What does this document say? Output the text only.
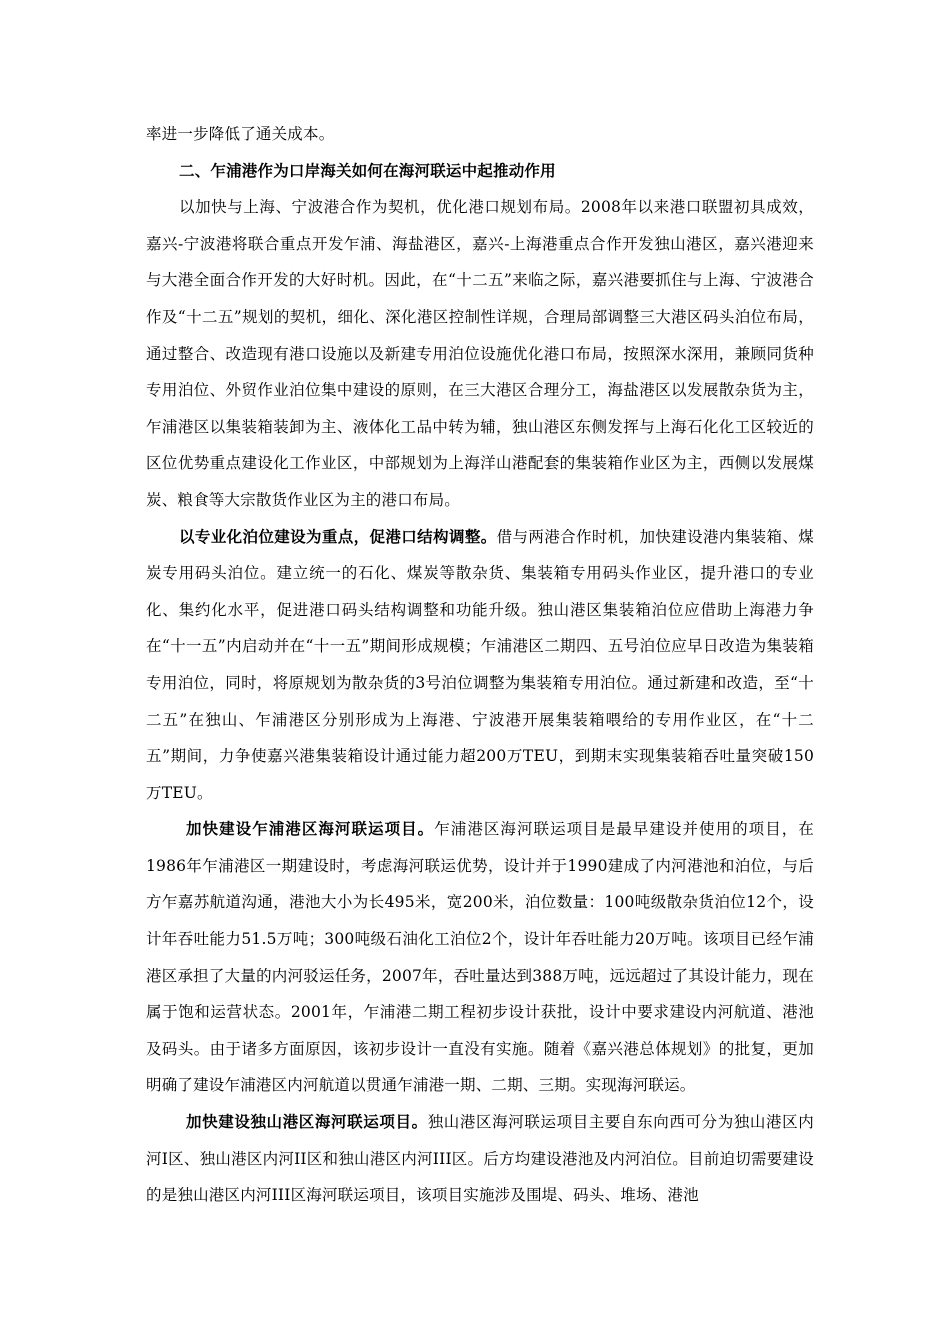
率进一步降低了通关成本。

二、乍浦港作为口岸海关如何在海河联运中起推动作用

以加快与上海、宁波港合作为契机，优化港口规划布局。2008年以来港口联盟初具成效，嘉兴-宁波港将联合重点开发乍浦、海盐港区，嘉兴-上海港重点合作开发独山港区，嘉兴港迎来与大港全面合作开发的大好时机。因此，在“十二五”来临之际，嘉兴港要抓住与上海、宁波港合作及“十二五”规划的契机，细化、深化港区控制性详规，合理局部调整三大港区码头泊位布局，通过整合、改造现有港口设施以及新建专用泊位设施优化港口布局，按照深水深用，兼顾同货种专用泊位、外贸作业泊位集中建设的原则，在三大港区合理分工，海盐港区以发展散杂货为主，乍浦港区以集装箱装卸为主、液体化工品中转为辅，独山港区东侧发挥与上海石化化工区较近的区位优势重点建设化工作业区，中部规划为上海洋山港配套的集装箱作业区为主，西侧以发展煤炭、粮食等大宗散货作业区为主的港口布局。

以专业化泊位建设为重点，促港口结构调整。借与两港合作时机，加快建设港内集装箱、煤炭专用码头泊位。建立统一的石化、煤炭等散杂货、集装箱专用码头作业区，提升港口的专业化、集约化水平，促进港口码头结构调整和功能升级。独山港区集装箱泊位应借助上海港力争在“十一五”内启动并在“十一五”期间形成规模；乍浦港区二期四、五号泊位应早日改造为集装箱专用泊位，同时，将原规划为散杂货的3号泊位调整为集装箱专用泊位。通过新建和改造，至“十二五”在独山、乍浦港区分别形成为上海港、宁波港开展集装箱喂给的专用作业区，在“十二五”期间，力争使嘉兴港集装箱设计通过能力超200万TEU，到期末实现集装箱吞吐量突破150万TEU。

加快建设乍浦港区海河联运项目。乍浦港区海河联运项目是最早建设并使用的项目，在1986年乍浦港区一期建设时，考虑海河联运优势，设计并于1990建成了内河港池和泊位，与后方乍嘉苏航道沟通，港池大小为长495米，宽200米，泊位数量：100吨级散杂货泊位12个，设计年吞吐能力51.5万吨；300吨级石油化工泊位2个，设计年吞吐能力20万吨。该项目已经乍浦港区承担了大量的内河驳运任务，2007年，吞吐量达到388万吨，远远超过了其设计能力，现在属于饱和运营状态。2001年，乍浦港二期工程初步设计获批，设计中要求建设内河航道、港池及码头。由于诸多方面原因，该初步设计一直没有实施。随着《嘉兴港总体规划》的批复，更加明确了建设乍浦港区内河航道以贯通乍浦港一期、二期、三期。实现海河联运。

加快建设独山港区海河联运项目。独山港区海河联运项目主要自东向西可分为独山港区内河I区、独山港区内河II区和独山港区内河III区。后方均建设港池及内河泊位。目前迫切需要建设的是独山港区内河III区海河联运项目，该项目实施涉及围堤、码头、堆场、港池
